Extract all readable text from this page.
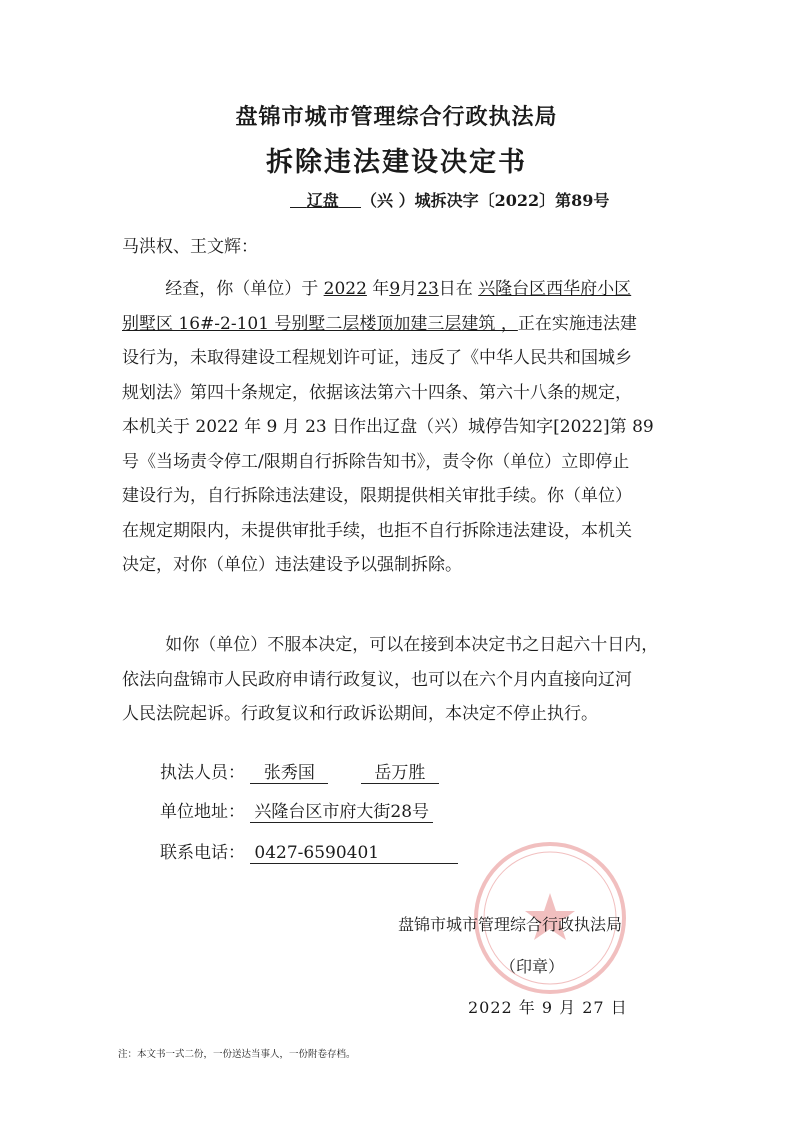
盘锦市城市管理综合行政执法局
拆除违法建设决定书
辽盘 （兴 ）城拆决字〔2022〕第89号
马洪权、王文辉：
经查，你（单位）于 2022 年9月23日在 兴隆台区西华府小区
别墅区 16#-2-101 号别墅二层楼顶加建三层建筑 ，正在实施违法建
设行为，未取得建设工程规划许可证，违反了《中华人民共和国城乡
规划法》第四十条规定，依据该法第六十四条、第六十八条的规定，
本机关于 2022 年 9 月 23 日作出辽盘（兴）城停告知字[2022]第 89
号《当场责令停工/限期自行拆除告知书》，责令你（单位）立即停止
建设行为，自行拆除违法建设，限期提供相关审批手续。你（单位）
在规定期限内，未提供审批手续，也拒不自行拆除违法建设，本机关
决定，对你（单位）违法建设予以强制拆除。
如你（单位）不服本决定，可以在接到本决定书之日起六十日内，
依法向盘锦市人民政府申请行政复议，也可以在六个月内直接向辽河
人民法院起诉。行政复议和行政诉讼期间，本决定不停止执行。
执法人员： 张秀国	岳万胜
单位地址： 兴隆台区市府大街28号
联系电话： 0427-6590401
盘锦市城市管理综合行政执法局
（印章）
2022 年 9 月 27 日
注：本文书一式二份，一份送达当事人，一份附卷存档。
